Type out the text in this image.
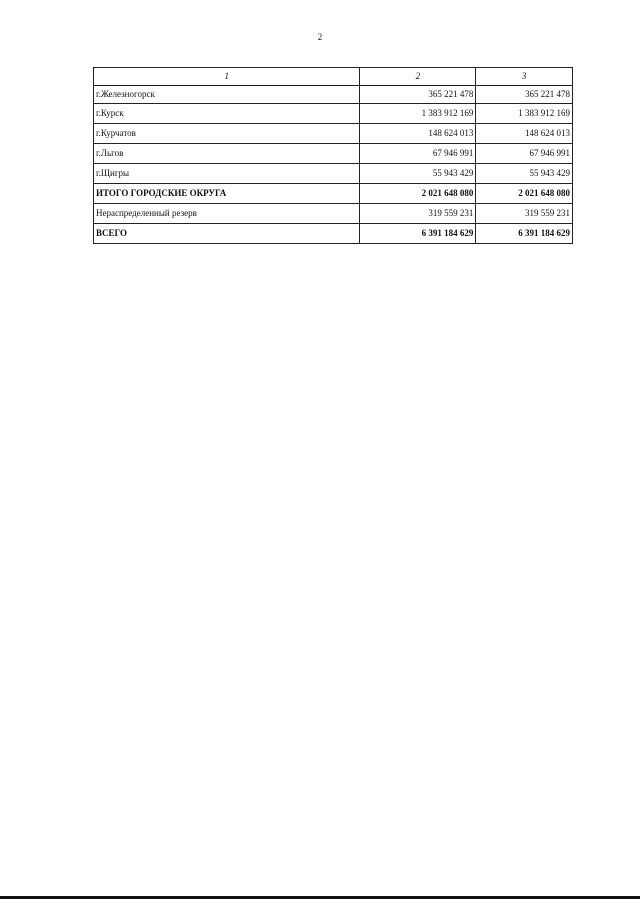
2
1	2	3
г.Железногорск	365 221 478	365 221 478
г.Курск	1 383 912 169	1 383 912 169
г.Курчатов	148 624 013	148 624 013
г.Льгов	67 946 991	67 946 991
г.Щигры	55 943 429	55 943 429
ИТОГО ГОРОДСКИЕ ОКРУГА	2 021 648 080	2 021 648 080
Нераспределенный резерв	319 559 231	319 559 231
ВСЕГО	6 391 184 629	6 391 184 629
